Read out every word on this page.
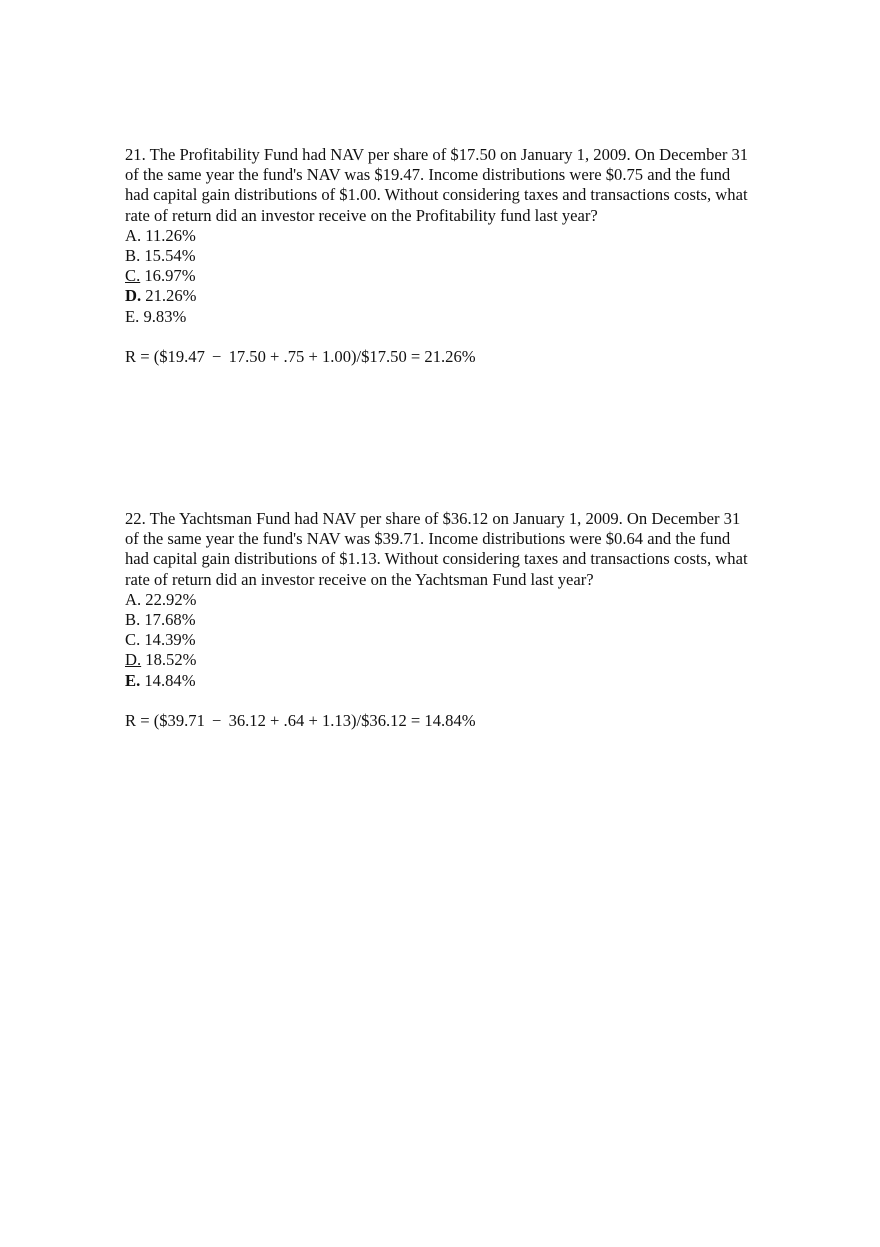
21. The Profitability Fund had NAV per share of $17.50 on January 1, 2009. On December 31
of the same year the fund's NAV was $19.47. Income distributions were $0.75 and the fund
had capital gain distributions of $1.00. Without considering taxes and transactions costs, what
rate of return did an investor receive on the Profitability fund last year?
A. 11.26%
B. 15.54%
C. 16.97%
D. 21.26%
E. 9.83%
R = ($19.47 − 17.50 + .75 + 1.00)/$17.50 = 21.26%
22. The Yachtsman Fund had NAV per share of $36.12 on January 1, 2009. On December 31
of the same year the fund's NAV was $39.71. Income distributions were $0.64 and the fund
had capital gain distributions of $1.13. Without considering taxes and transactions costs, what
rate of return did an investor receive on the Yachtsman Fund last year?
A. 22.92%
B. 17.68%
C. 14.39%
D. 18.52%
E. 14.84%
R = ($39.71 − 36.12 + .64 + 1.13)/$36.12 = 14.84%
